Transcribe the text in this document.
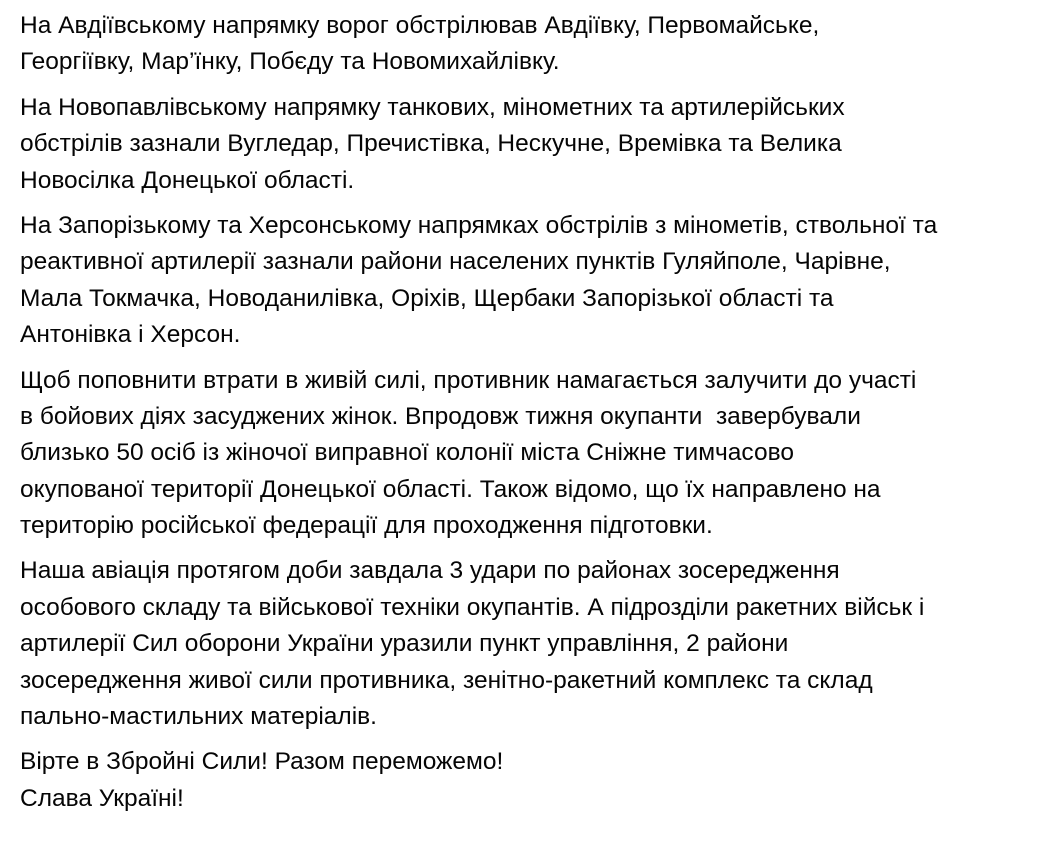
На Авдіївському напрямку ворог обстрілював Авдіївку, Первомайське,
Георгіївку, Мар’їнку, Побєду та Новомихайлівку.
На Новопавлівському напрямку танкових, мінометних та артилерійських
обстрілів зазнали Вугледар, Пречистівка, Нескучне, Времівка та Велика
Новосілка Донецької області.
На Запорізькому та Херсонському напрямках обстрілів з мінометів, ствольної та
реактивної артилерії зазнали райони населених пунктів Гуляйполе, Чарівне,
Мала Токмачка, Новоданилівка, Оріхів, Щербаки Запорізької області та
Антонівка і Херсон.
Щоб поповнити втрати в живій силі, противник намагається залучити до участі
в бойових діях засуджених жінок. Впродовж тижня окупанти  завербували
близько 50 осіб із жіночої виправної колонії міста Сніжне тимчасово
окупованої території Донецької області. Також відомо, що їх направлено на
територію російської федерації для проходження підготовки.
Наша авіація протягом доби завдала 3 удари по районах зосередження
особового складу та військової техніки окупантів. А підрозділи ракетних військ і
артилерії Сил оборони України уразили пункт управління, 2 райони
зосередження живої сили противника, зенітно-ракетний комплекс та склад
пально-мастильних матеріалів.
Вірте в Збройні Сили! Разом переможемо!
Слава Україні!
